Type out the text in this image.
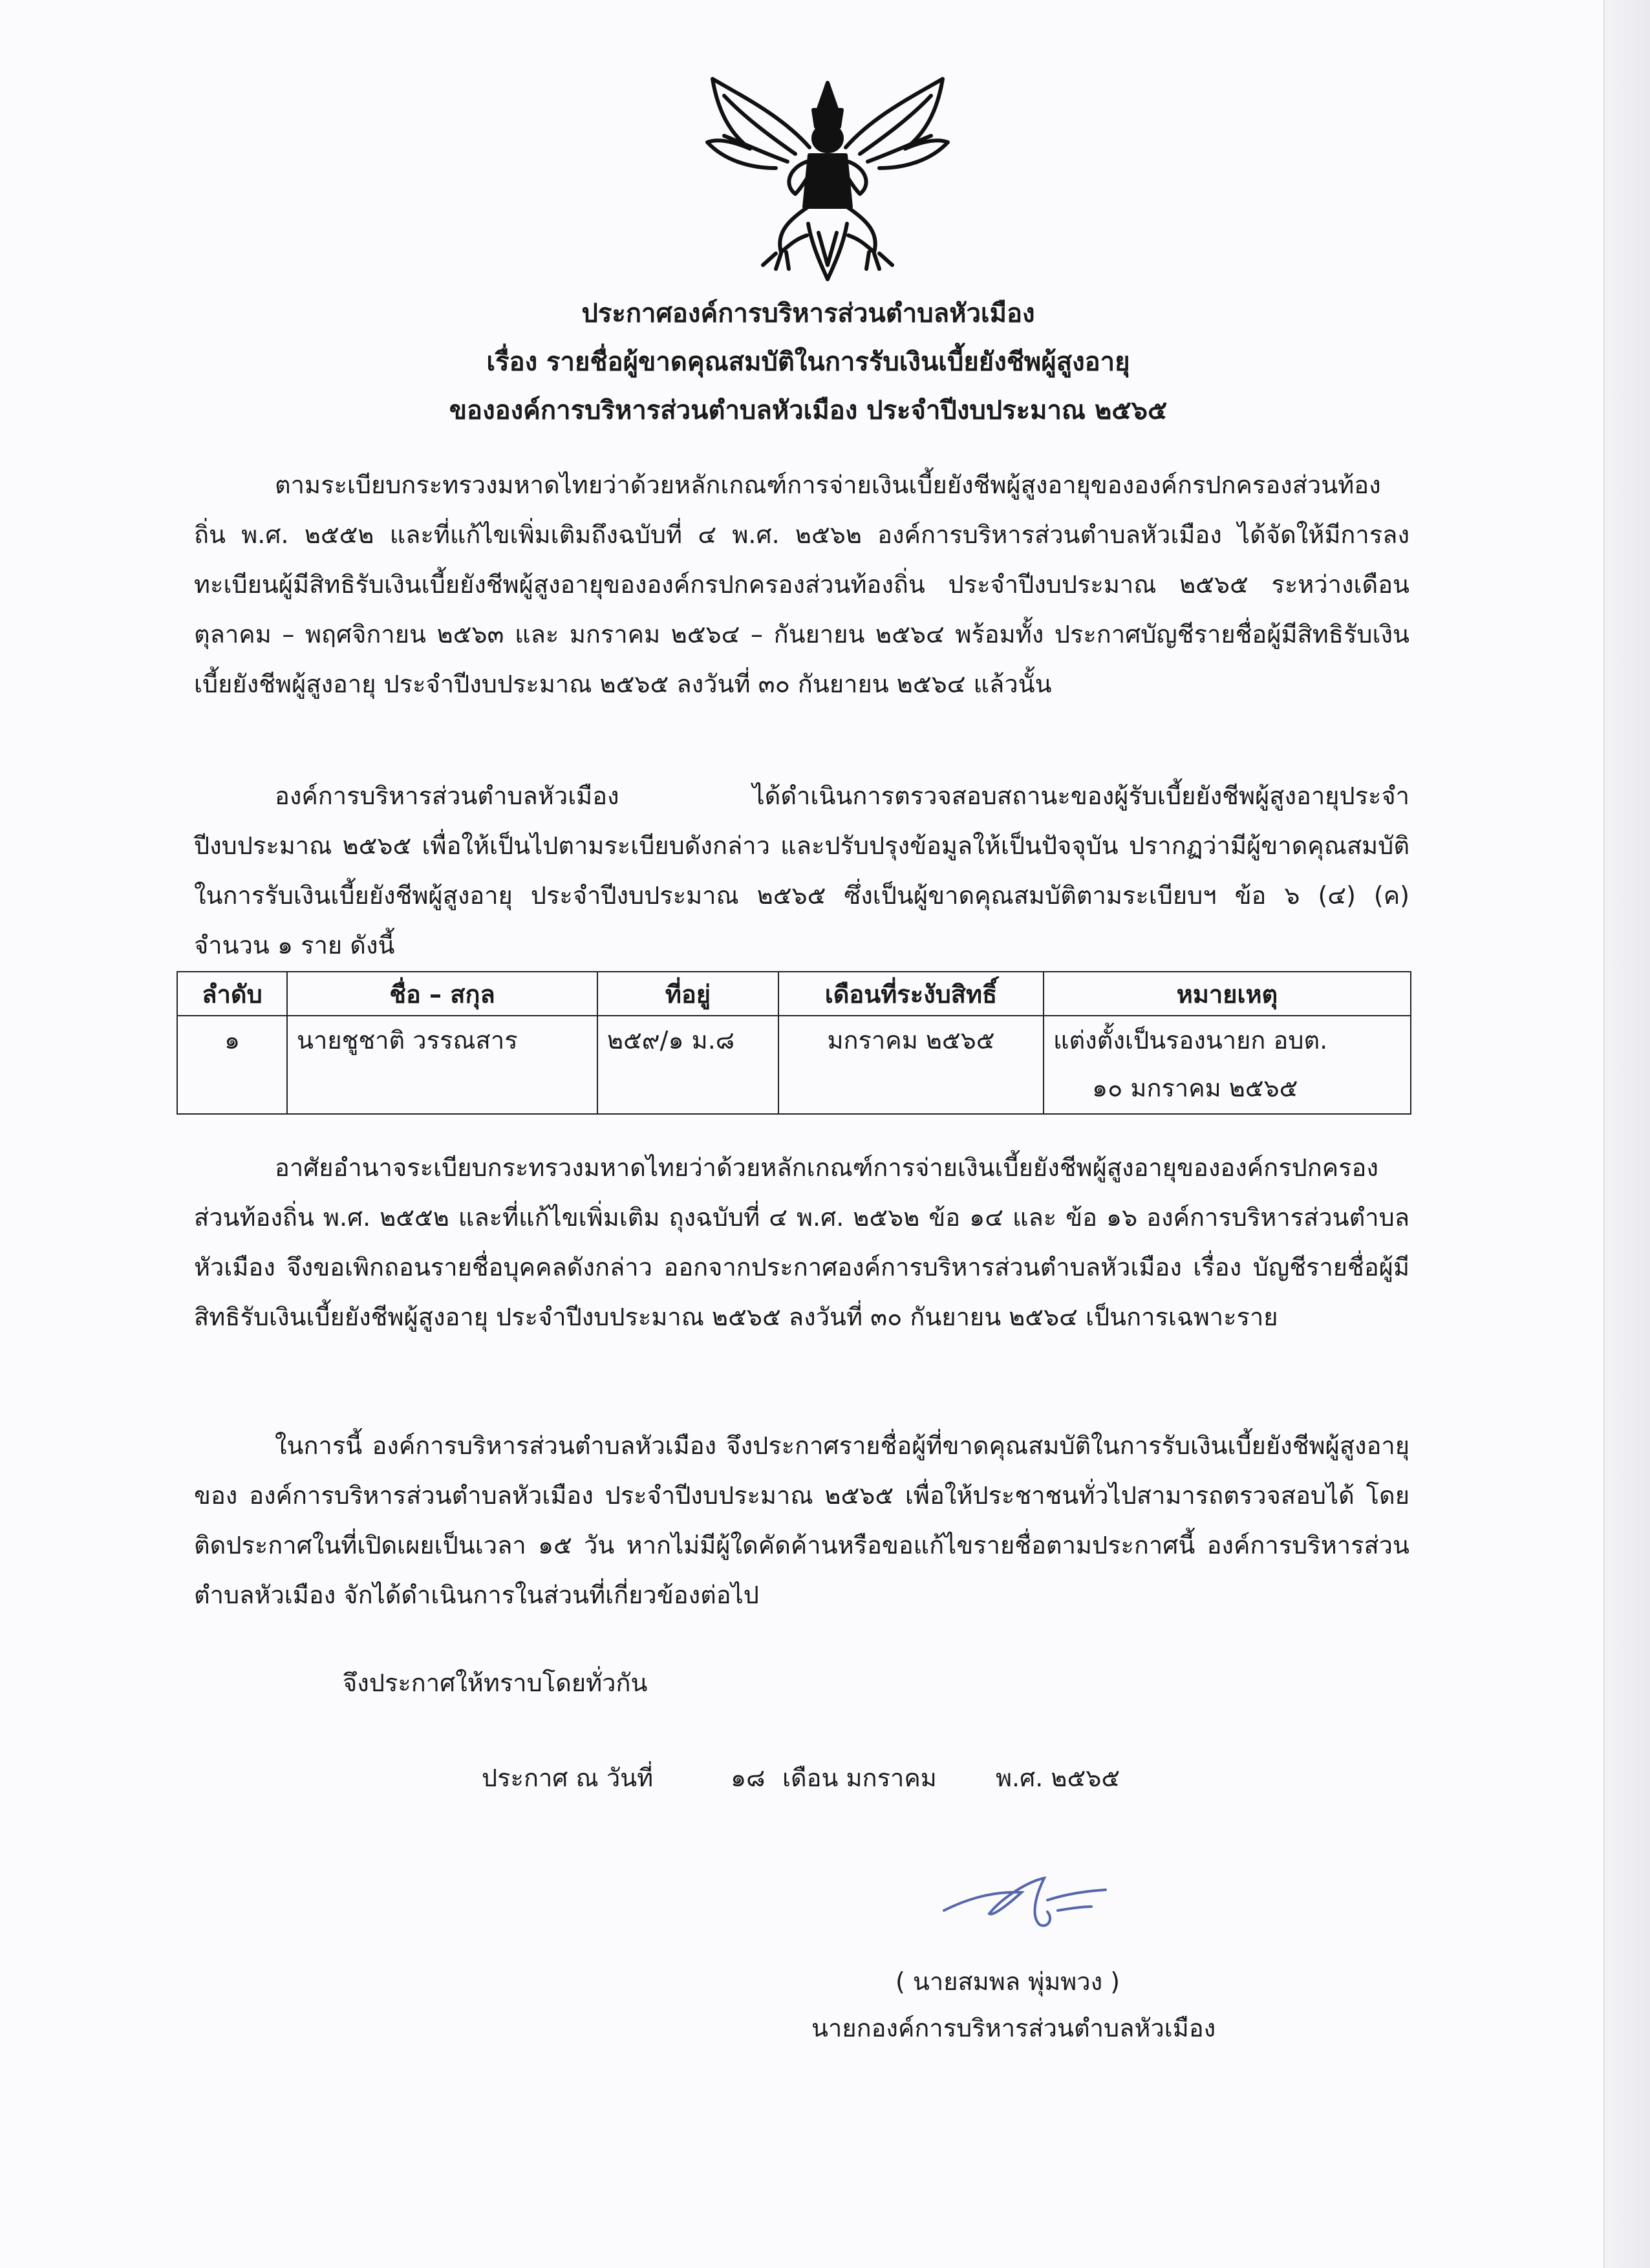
ประกาศองค์การบริหารส่วนตำบลหัวเมือง
เรื่อง รายชื่อผู้ขาดคุณสมบัติในการรับเงินเบี้ยยังชีพผู้สูงอายุ
ขององค์การบริหารส่วนตำบลหัวเมือง ประจำปีงบประมาณ ๒๕๖๕
ตามระเบียบกระทรวงมหาดไทยว่าด้วยหลักเกณฑ์การจ่ายเงินเบี้ยยังชีพผู้สูงอายุขององค์กรปกครองส่วนท้องถิ่น พ.ศ. ๒๕๕๒ และที่แก้ไขเพิ่มเติมถึงฉบับที่ ๔ พ.ศ. ๒๕๖๒ องค์การบริหารส่วนตำบลหัวเมือง ได้จัดให้มีการลงทะเบียนผู้มีสิทธิรับเงินเบี้ยยังชีพผู้สูงอายุขององค์กรปกครองส่วนท้องถิ่น ประจำปีงบประมาณ ๒๕๖๕ ระหว่างเดือนตุลาคม – พฤศจิกายน ๒๕๖๓ และ มกราคม ๒๕๖๔ – กันยายน ๒๕๖๔ พร้อมทั้ง ประกาศบัญชีรายชื่อผู้มีสิทธิรับเงินเบี้ยยังชีพผู้สูงอายุ ประจำปีงบประมาณ ๒๕๖๕ ลงวันที่ ๓๐ กันยายน ๒๕๖๔ แล้วนั้น
องค์การบริหารส่วนตำบลหัวเมือง ได้ดำเนินการตรวจสอบสถานะของผู้รับเบี้ยยังชีพผู้สูงอายุประจำปีงบประมาณ ๒๕๖๕ เพื่อให้เป็นไปตามระเบียบดังกล่าว และปรับปรุงข้อมูลให้เป็นปัจจุบัน ปรากฏว่ามีผู้ขาดคุณสมบัติในการรับเงินเบี้ยยังชีพผู้สูงอายุ ประจำปีงบประมาณ ๒๕๖๕ ซึ่งเป็นผู้ขาดคุณสมบัติตามระเบียบฯ ข้อ ๖ (๔) (ค) จำนวน ๑ ราย ดังนี้
ลำดับ	ชื่อ – สกุล	ที่อยู่	เดือนที่ระงับสิทธิ์	หมายเหตุ
๑	นายชูชาติ วรรณสาร	๒๕๙/๑ ม.๘	มกราคม ๒๕๖๕	แต่งตั้งเป็นรองนายก อบต.
๑๐ มกราคม ๒๕๖๕
อาศัยอำนาจระเบียบกระทรวงมหาดไทยว่าด้วยหลักเกณฑ์การจ่ายเงินเบี้ยยังชีพผู้สูงอายุขององค์กรปกครองส่วนท้องถิ่น พ.ศ. ๒๕๕๒ และที่แก้ไขเพิ่มเติม ถุงฉบับที่ ๔ พ.ศ. ๒๕๖๒ ข้อ ๑๔ และ ข้อ ๑๖ องค์การบริหารส่วนตำบลหัวเมือง จึงขอเพิกถอนรายชื่อบุคคลดังกล่าว ออกจากประกาศองค์การบริหารส่วนตำบลหัวเมือง เรื่อง บัญชีรายชื่อผู้มีสิทธิรับเงินเบี้ยยังชีพผู้สูงอายุ ประจำปีงบประมาณ ๒๕๖๕ ลงวันที่ ๓๐ กันยายน ๒๕๖๔ เป็นการเฉพาะราย
ในการนี้ องค์การบริหารส่วนตำบลหัวเมือง จึงประกาศรายชื่อผู้ที่ขาดคุณสมบัติในการรับเงินเบี้ยยังชีพผู้สูงอายุของ องค์การบริหารส่วนตำบลหัวเมือง ประจำปีงบประมาณ ๒๕๖๕ เพื่อให้ประชาชนทั่วไปสามารถตรวจสอบได้ โดยติดประกาศในที่เปิดเผยเป็นเวลา ๑๕ วัน หากไม่มีผู้ใดคัดค้านหรือขอแก้ไขรายชื่อตามประกาศนี้ องค์การบริหารส่วนตำบลหัวเมือง จักได้ดำเนินการในส่วนที่เกี่ยวข้องต่อไป
จึงประกาศให้ทราบโดยทั่วกัน
ประกาศ ณ วันที่	๑๘ เดือน มกราคม พ.ศ. ๒๕๖๕
( นายสมพล พุ่มพวง )
นายกองค์การบริหารส่วนตำบลหัวเมือง
